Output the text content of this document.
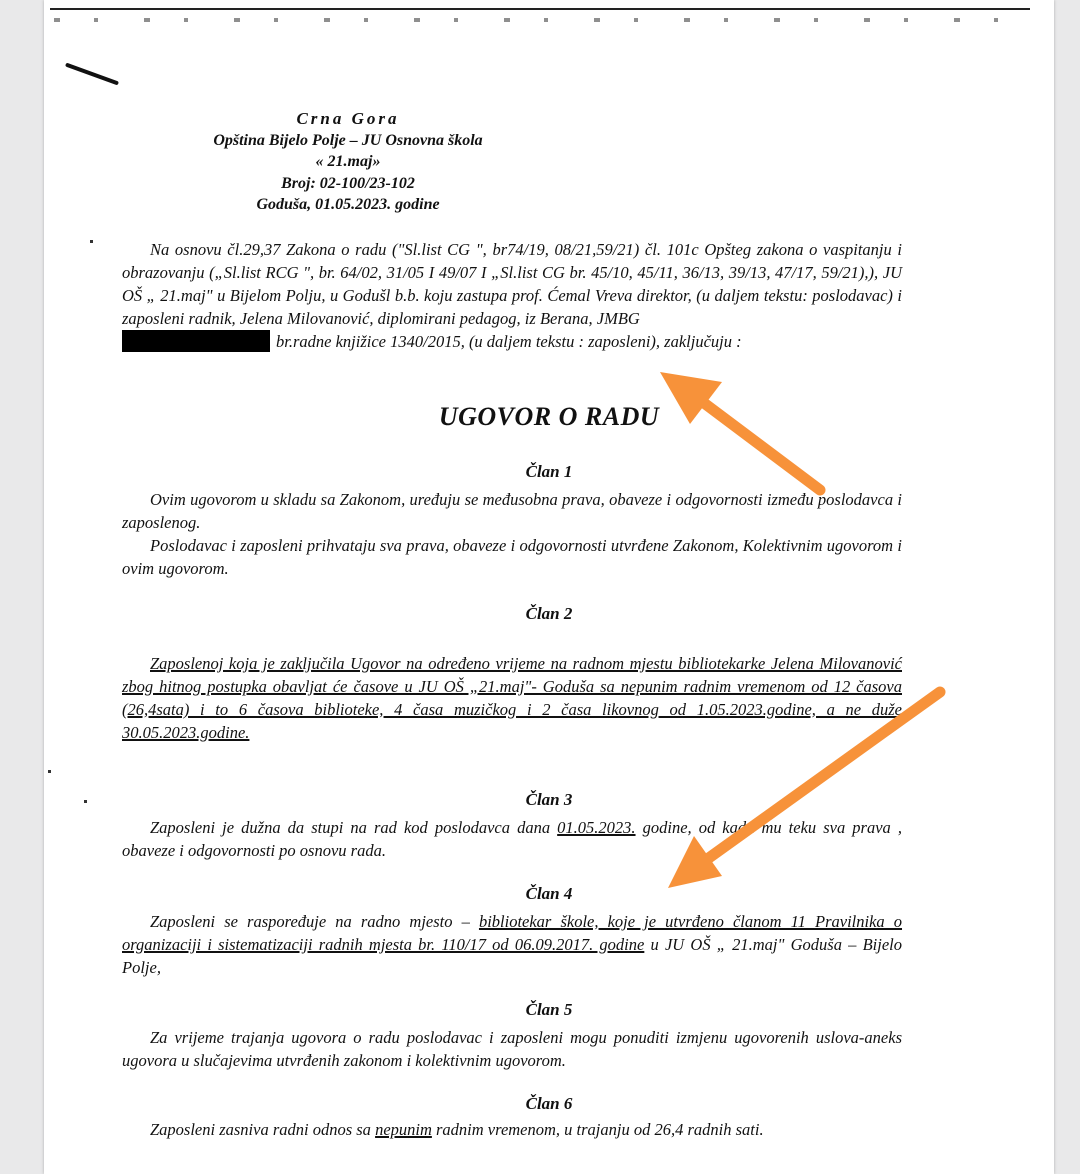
Crna Gora
Opština Bijelo Polje – JU Osnovna škola
« 21.maj»
Broj: 02-100/23-102
Goduša, 01.05.2023. godine
Na osnovu čl.29,37 Zakona o radu ("Sl.list CG ", br74/19, 08/21,59/21) čl. 101c Opšteg zakona o vaspitanju i obrazovanju („Sl.list RCG ", br. 64/02, 31/05 I 49/07 I „Sl.list CG br. 45/10, 45/11, 36/13, 39/13, 47/17, 59/21),), JU OŠ „ 21.maj" u Bijelom Polju, u Godušl b.b. koju zastupa prof. Ćemal Vreva direktor, (u daljem tekstu: poslodavac) i zaposleni radnik, Jelena Milovanović, diplomirani pedagog, iz Berana, JMBG
br.radne knjižice 1340/2015, (u daljem tekstu : zaposleni), zaključuju :
UGOVOR O RADU
Član 1
Ovim ugovorom u skladu sa Zakonom, uređuju se međusobna prava, obaveze i odgovornosti između poslodavca i zaposlenog.
Poslodavac i zaposleni prihvataju sva prava, obaveze i odgovornosti utvrđene Zakonom, Kolektivnim ugovorom i ovim ugovorom.
Član 2
Zaposlenoj koja je zaključila Ugovor na određeno vrijeme na radnom mjestu bibliotekarke Jelena Milovanović zbog hitnog postupka obavljat će časove u JU OŠ „21.maj"- Goduša sa nepunim radnim vremenom od 12 časova (26,4sata) i to 6 časova biblioteke, 4 časa muzičkog i 2 časa likovnog od 1.05.2023.godine, a ne duže 30.05.2023.godine.
Član 3
Zaposleni je dužna da stupi na rad kod poslodavca dana 01.05.2023. godine, od kada mu teku sva prava , obaveze i odgovornosti po osnovu rada.
Član 4
Zaposleni se raspoređuje na radno mjesto – bibliotekar škole, koje je utvrđeno članom 11 Pravilnika o organizaciji i sistematizaciji radnih mjesta br. 110/17 od 06.09.2017. godine u JU OŠ „ 21.maj" Goduša – Bijelo Polje,
Član 5
Za vrijeme trajanja ugovora o radu poslodavac i zaposleni mogu ponuditi izmjenu ugovorenih uslova-aneks ugovora u slučajevima utvrđenih zakonom i kolektivnim ugovorom.
Član 6
Zaposleni zasniva radni odnos sa nepunim radnim vremenom, u trajanju od 26,4 radnih sati.
